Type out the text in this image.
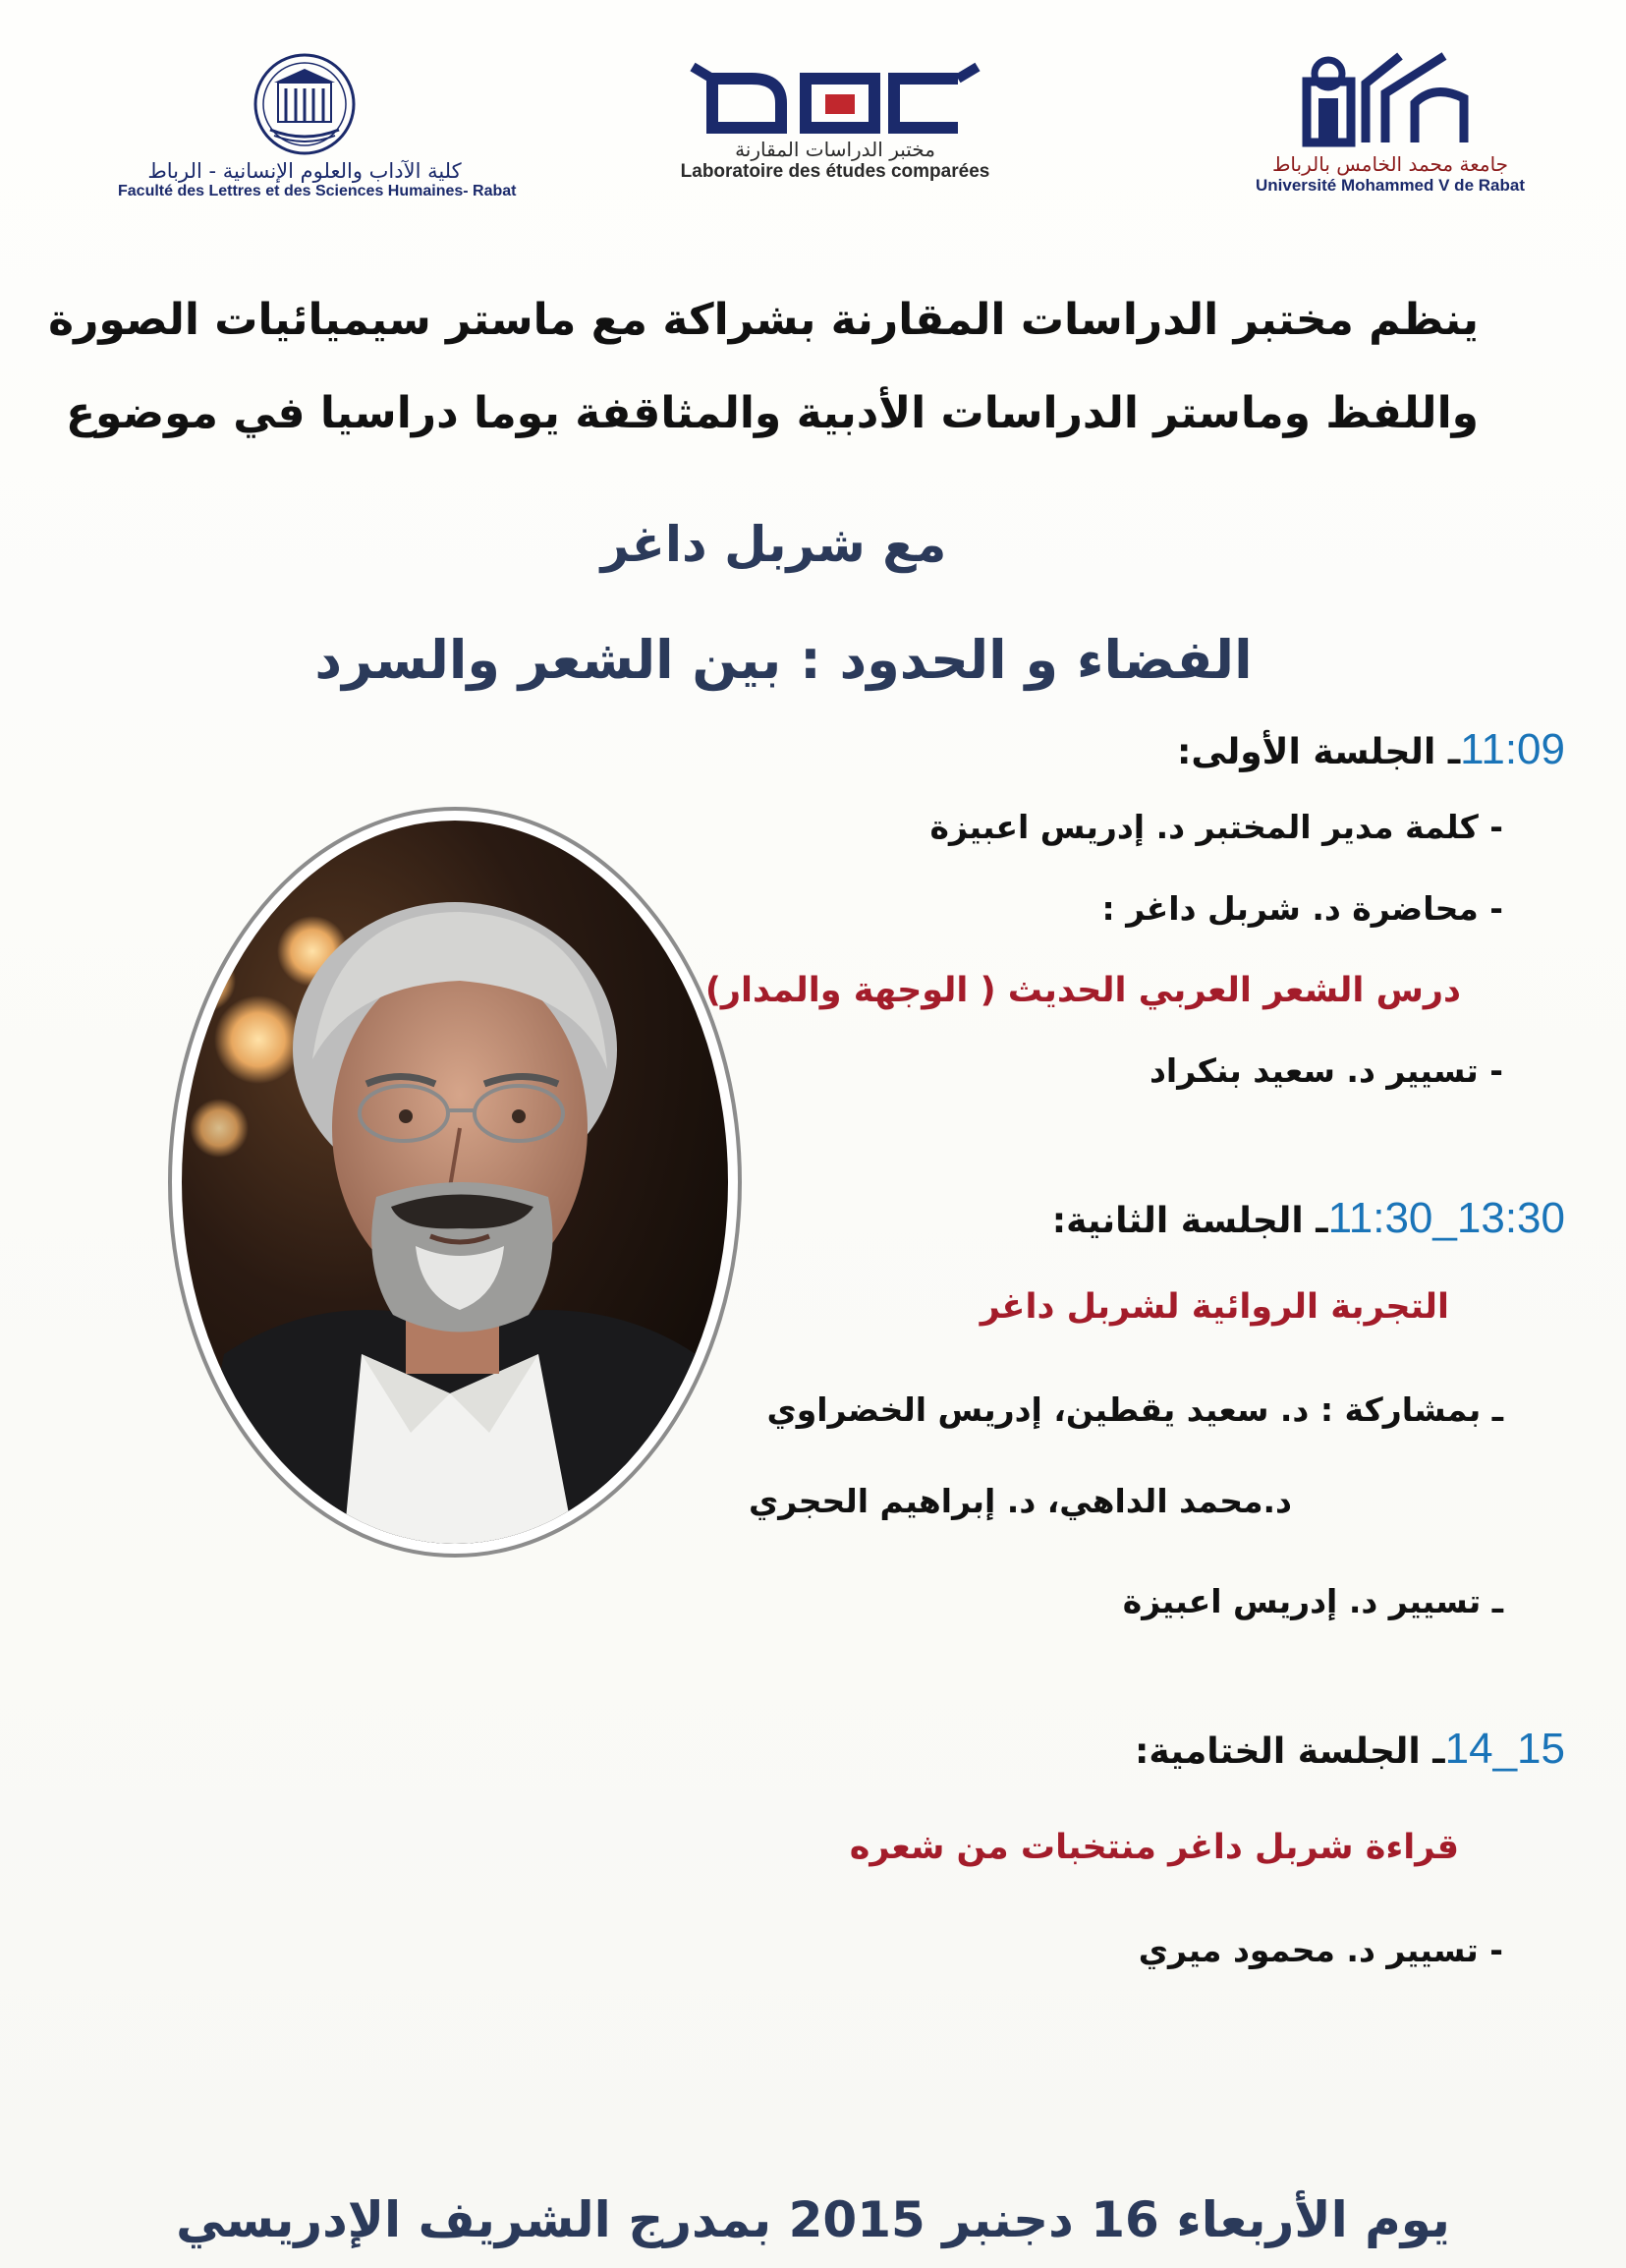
كلية الآداب والعلوم الإنسانية - الرباط
Faculté des Lettres et des Sciences Humaines- Rabat
مختبر الدراسات المقارنة
Laboratoire des études comparées	جامعة محمد الخامس بالرباط
Université Mohammed V de Rabat
ينظم مختبر الدراسات المقارنة بشراكة مع ماستر سيميائيات الصورة
واللفظ وماستر الدراسات الأدبية والمثاقفة يوما دراسيا في موضوع
مع شربل داغر
الفضاء و الحدود : بين الشعر والسرد
11:09ـ الجلسة الأولى:
- كلمة مدير المختبر د. إدريس اعبيزة
- محاضرة د. شربل داغر :
درس الشعر العربي الحديث ( الوجهة والمدار)
- تسيير د. سعيد بنكراد
13:30_11:30ـ الجلسة الثانية:
التجربة الروائية لشربل داغر
ـ بمشاركة : د. سعيد يقطين، إدريس الخضراوي
د.محمد الداهي، د. إبراهيم الحجري
ـ تسيير د. إدريس اعبيزة
15_14ـ الجلسة الختامية:
قراءة شربل داغر منتخبات من شعره
- تسيير د. محمود ميري
يوم الأربعاء 16 دجنبر 2015 بمدرج الشريف الإدريسي
